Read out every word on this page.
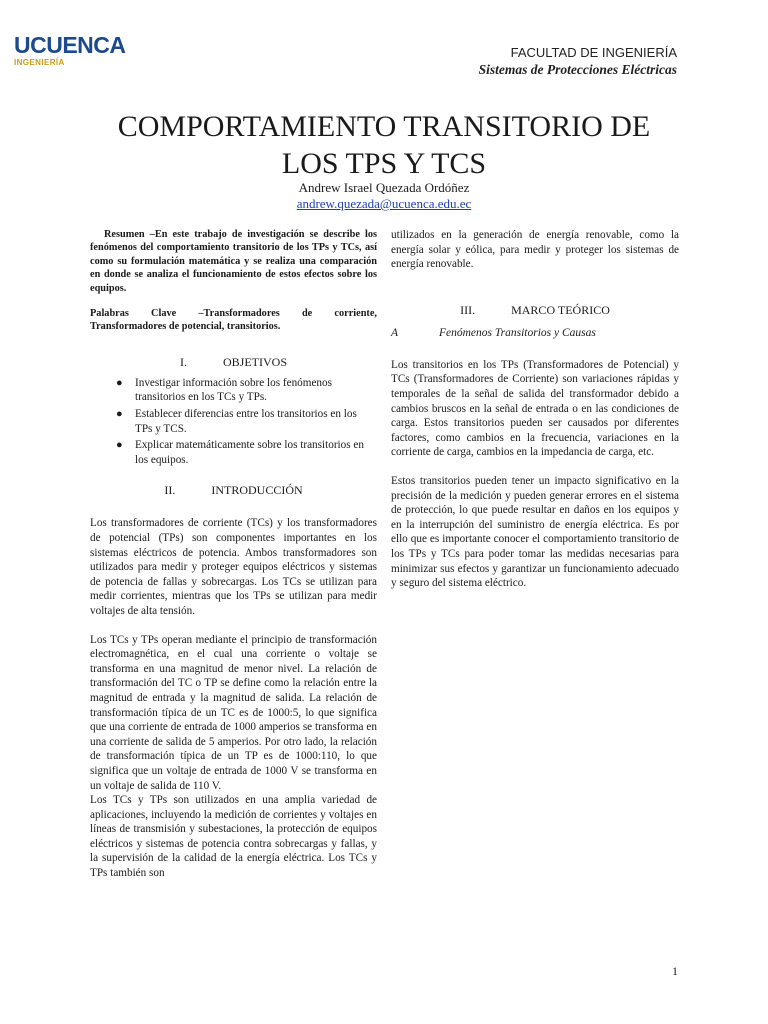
UCUENCA
INGENIERÍA
FACULTAD DE INGENIERÍA
Sistemas de Protecciones Eléctricas
COMPORTAMIENTO TRANSITORIO DE LOS TPS Y TCS
Andrew Israel Quezada Ordóñez
andrew.quezada@ucuenca.edu.ec

Resumen –En este trabajo de investigación se describe los fenómenos del comportamiento transitorio de los TPs y TCs, así como su formulación matemática y se realiza una comparación en donde se analiza el funcionamiento de estos efectos sobre los equipos.

Palabras Clave –Transformadores de corriente, Transformadores de potencial, transitorios.

I.	OBJETIVOS
● Investigar información sobre los fenómenos transitorios en los TCs y TPs.
● Establecer diferencias entre los transitorios en los TPs y TCS.
● Explicar matemáticamente sobre los transitorios en los equipos.
II.	INTRODUCCIÓN

Los transformadores de corriente (TCs) y los transformadores de potencial (TPs) son componentes importantes en los sistemas eléctricos de potencia. Ambos transformadores son utilizados para medir y proteger equipos eléctricos y sistemas de potencia de fallas y sobrecargas. Los TCs se utilizan para medir corrientes, mientras que los TPs se utilizan para medir voltajes de alta tensión.

Los TCs y TPs operan mediante el principio de transformación electromagnética, en el cual una corriente o voltaje se transforma en una magnitud de menor nivel. La relación de transformación del TC o TP se define como la relación entre la magnitud de entrada y la magnitud de salida. La relación de transformación típica de un TC es de 1000:5, lo que significa que una corriente de entrada de 1000 amperios se transforma en una corriente de salida de 5 amperios. Por otro lado, la relación de transformación típica de un TP es de 1000:110, lo que significa que un voltaje de entrada de 1000 V se transforma en un voltaje de salida de 110 V.

Los TCs y TPs son utilizados en una amplia variedad de aplicaciones, incluyendo la medición de corrientes y voltajes en líneas de transmisión y subestaciones, la protección de equipos eléctricos y sistemas de potencia contra sobrecargas y fallas, y la supervisión de la calidad de la energía eléctrica. Los TCs y TPs también son

utilizados en la generación de energía renovable, como la energía solar y eólica, para medir y proteger los sistemas de energía renovable.

III.	MARCO TEÓRICO
A	Fenómenos Transitorios y Causas

Los transitorios en los TPs (Transformadores de Potencial) y TCs (Transformadores de Corriente) son variaciones rápidas y temporales de la señal de salida del transformador debido a cambios bruscos en la señal de entrada o en las condiciones de carga. Estos transitorios pueden ser causados por diferentes factores, como cambios en la frecuencia, variaciones en la corriente de carga, cambios en la impedancia de carga, etc.

Estos transitorios pueden tener un impacto significativo en la precisión de la medición y pueden generar errores en el sistema de protección, lo que puede resultar en daños en los equipos y en la interrupción del suministro de energía eléctrica. Es por ello que es importante conocer el comportamiento transitorio de los TPs y TCs para poder tomar las medidas necesarias para minimizar sus efectos y garantizar un funcionamiento adecuado y seguro del sistema eléctrico.

1
